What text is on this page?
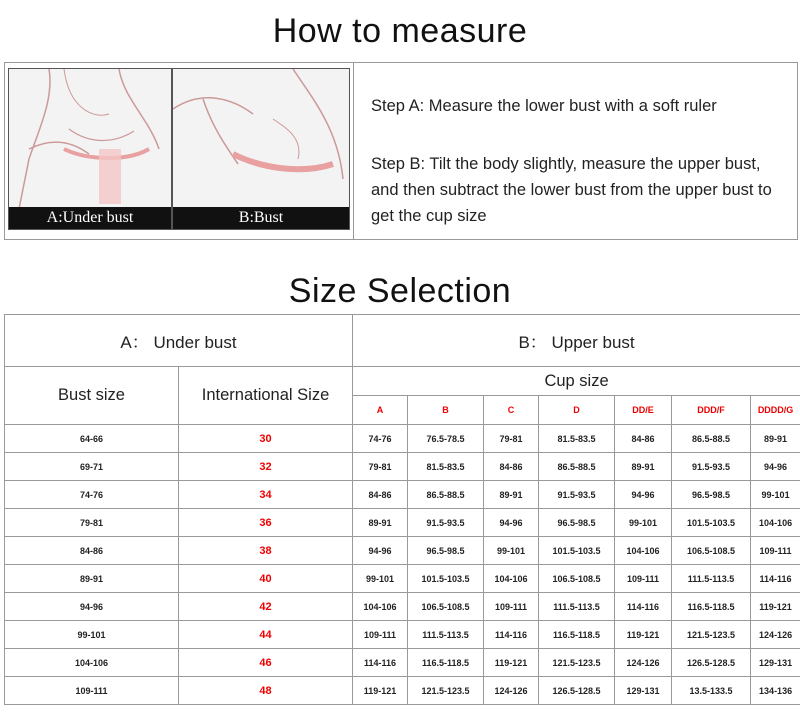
How to measure
A:Under bust	B:Bust
Step A: Measure the lower bust with a soft ruler
Step B: Tilt the body slightly, measure the upper bust, and then subtract the lower bust from the upper bust to get the cup size
Size Selection
A： Under bust		B： Upper bust						
Bust size	International Size	Cup size						
		A	B	C	D	DD/E	DDD/F	DDDD/G
64-66	30	74-76	76.5-78.5	79-81	81.5-83.5	84-86	86.5-88.5	89-91
69-71	32	79-81	81.5-83.5	84-86	86.5-88.5	89-91	91.5-93.5	94-96
74-76	34	84-86	86.5-88.5	89-91	91.5-93.5	94-96	96.5-98.5	99-101
79-81	36	89-91	91.5-93.5	94-96	96.5-98.5	99-101	101.5-103.5	104-106
84-86	38	94-96	96.5-98.5	99-101	101.5-103.5	104-106	106.5-108.5	109-111
89-91	40	99-101	101.5-103.5	104-106	106.5-108.5	109-111	111.5-113.5	114-116
94-96	42	104-106	106.5-108.5	109-111	111.5-113.5	114-116	116.5-118.5	119-121
99-101	44	109-111	111.5-113.5	114-116	116.5-118.5	119-121	121.5-123.5	124-126
104-106	46	114-116	116.5-118.5	119-121	121.5-123.5	124-126	126.5-128.5	129-131
109-111	48	119-121	121.5-123.5	124-126	126.5-128.5	129-131	13.5-133.5	134-136
